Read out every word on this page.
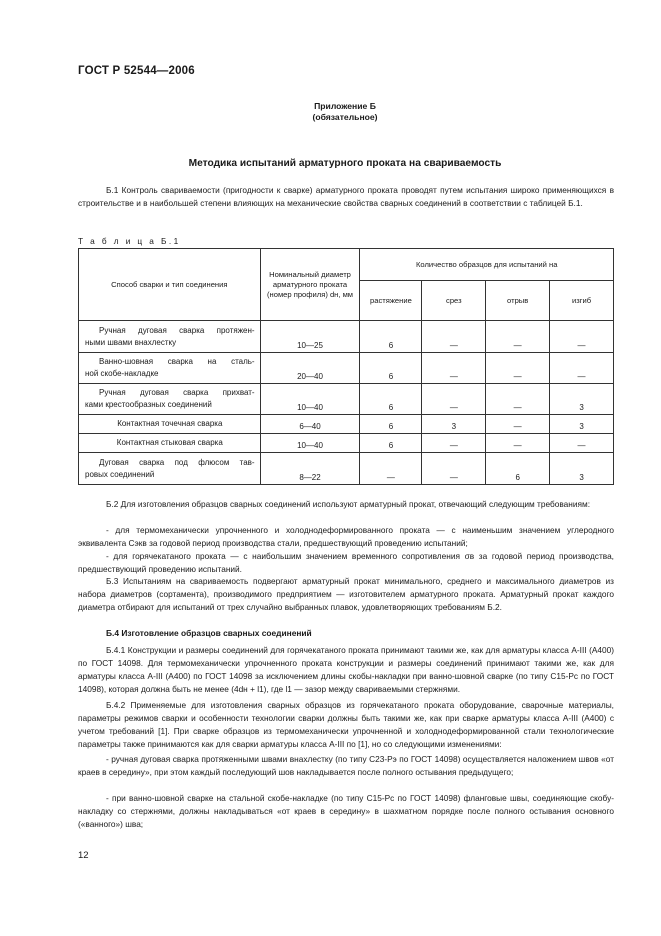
ГОСТ Р 52544—2006
Приложение Б
(обязательное)
Методика испытаний арматурного проката на свариваемость

Б.1 Контроль свариваемости (пригодности к сварке) арматурного проката проводят путем испытания широко применяющихся в строительстве и в наибольшей степени влияющих на механические свойства сварных соединений в соответствии с таблицей Б.1.

Т а б л и ц а Б.1
Способ сварки и тип соединения	Номинальный диаметр арматурного проката (номер профиля) dн, мм	Количество образцов для испытаний на			
		растяжение	срез	отрыв	изгиб

Ручная дуговая сварка протяжен-
ными швами внахлестку	10—25	6	—	—	—

Ванно-шовная сварка на сталь-
ной скобе-накладке	20—40	6	—	—	—

Ручная дуговая сварка прихват-
ками крестообразных соединений	10—40	6	—	—	3

Контактная точечная сварка	6—40	6	3	—	3

Контактная стыковая сварка	10—40	6	—	—	—

Дуговая сварка под флюсом тав-
ровых соединений	8—22	—	—	6	3

Б.2 Для изготовления образцов сварных соединений используют арматурный прокат, отвечающий следующим требованиям:

- для термомеханически упрочненного и холоднодеформированного проката — с наименьшим значением углеродного эквивалента Сэкв за годовой период производства стали, предшествующий проведению испытаний;

- для горячекатаного проката — с наибольшим значением временного сопротивления σв за годовой период производства, предшествующий проведению испытаний.

Б.3 Испытаниям на свариваемость подвергают арматурный прокат минимального, среднего и максимального диаметров из набора диаметров (сортамента), производимого предприятием — изготовителем арматурного проката. Арматурный прокат каждого диаметра отбирают для испытаний от трех случайно выбранных плавок, удовлетворяющих требованиям Б.2.

Б.4 Изготовление образцов сварных соединений

Б.4.1 Конструкции и размеры соединений для горячекатаного проката принимают такими же, как для арматуры класса А-III (А400) по ГОСТ 14098. Для термомеханически упрочненного проката конструкции и размеры соединений принимают такими же, как для арматуры класса А-III (А400) по ГОСТ 14098 за исключением длины скобы-накладки при ванно-шовной сварке (по типу С15-Рс по ГОСТ 14098), которая должна быть не менее (4dн + l1), где l1 — зазор между свариваемыми стержнями.

Б.4.2 Применяемые для изготовления сварных образцов из горячекатаного проката оборудование, сварочные материалы, параметры режимов сварки и особенности технологии сварки должны быть такими же, как при сварке арматуры класса А-III (А400) с учетом требований [1]. При сварке образцов из термомеханически упрочненной и холоднодеформированной стали технологические параметры также принимаются как для сварки арматуры класса А-III по [1], но со следующими изменениями:

- ручная дуговая сварка протяженными швами внахлестку (по типу С23-Рэ по ГОСТ 14098) осуществляется наложением швов «от краев в середину», при этом каждый последующий шов накладывается после полного остывания предыдущего;

- при ванно-шовной сварке на стальной скобе-накладке (по типу С15-Рс по ГОСТ 14098) фланговые швы, соединяющие скобу-накладку со стержнями, должны накладываться «от краев в середину» в шахматном порядке после полного остывания основного («ванного») шва;

12
